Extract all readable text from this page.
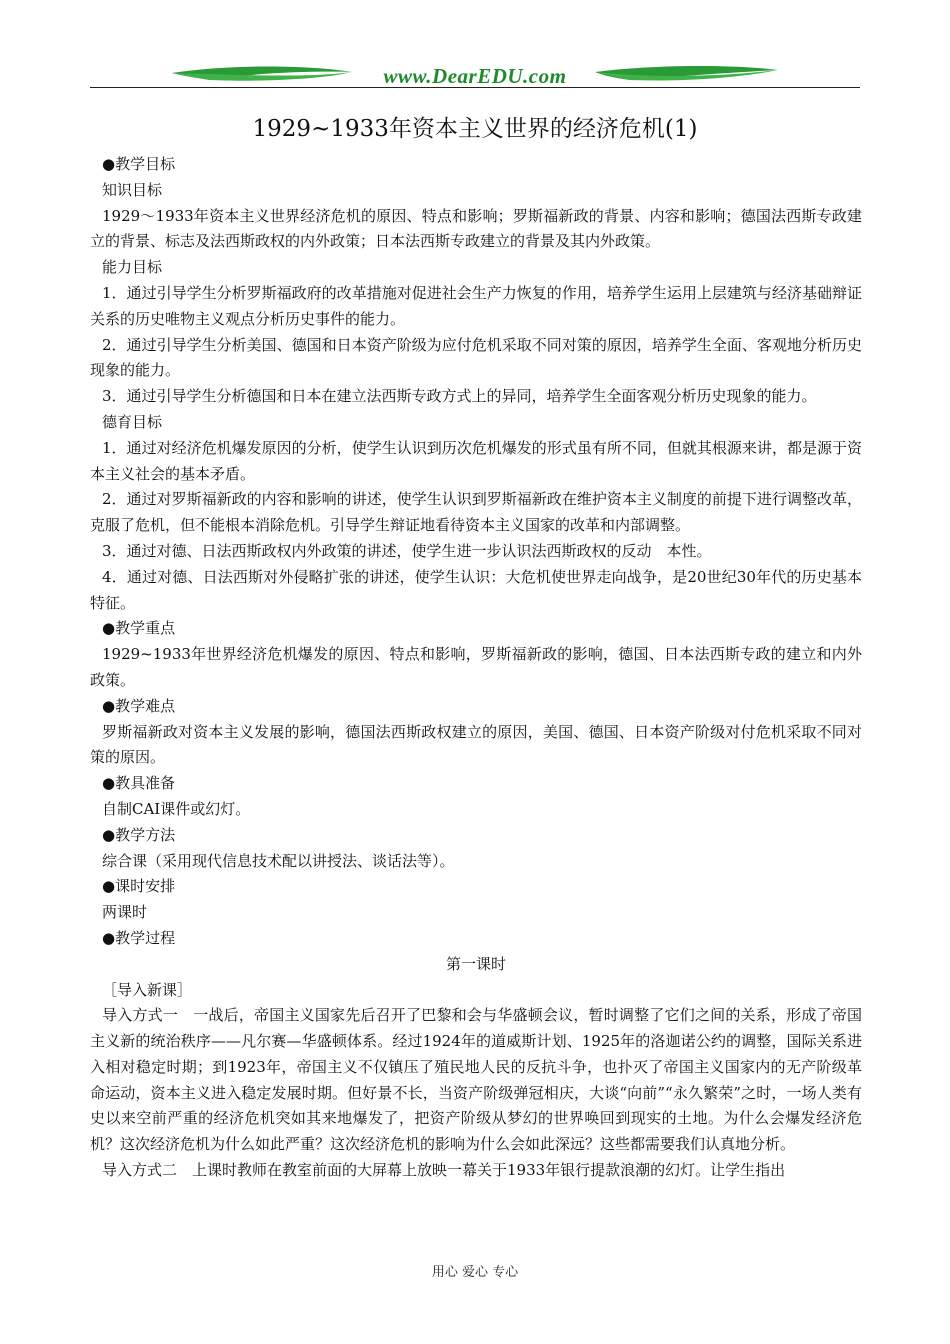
www.DearEDU.com
1929~1933年资本主义世界的经济危机(1)
●教学目标
知识目标
1929～1933年资本主义世界经济危机的原因、特点和影响；罗斯福新政的背景、内容和影响；德国法西斯专政建立的背景、标志及法西斯政权的内外政策；日本法西斯专政建立的背景及其内外政策。
能力目标
1．通过引导学生分析罗斯福政府的改革措施对促进社会生产力恢复的作用，培养学生运用上层建筑与经济基础辩证关系的历史唯物主义观点分析历史事件的能力。
2．通过引导学生分析美国、德国和日本资产阶级为应付危机采取不同对策的原因，培养学生全面、客观地分析历史现象的能力。
3．通过引导学生分析德国和日本在建立法西斯专政方式上的异同，培养学生全面客观分析历史现象的能力。
德育目标
1．通过对经济危机爆发原因的分析，使学生认识到历次危机爆发的形式虽有所不同，但就其根源来讲，都是源于资本主义社会的基本矛盾。
2．通过对罗斯福新政的内容和影响的讲述，使学生认识到罗斯福新政在维护资本主义制度的前提下进行调整改革，克服了危机，但不能根本消除危机。引导学生辩证地看待资本主义国家的改革和内部调整。
3．通过对德、日法西斯政权内外政策的讲述，使学生进一步认识法西斯政权的反动　本性。
4．通过对德、日法西斯对外侵略扩张的讲述，使学生认识：大危机使世界走向战争，是20世纪30年代的历史基本特征。
●教学重点
1929~1933年世界经济危机爆发的原因、特点和影响，罗斯福新政的影响，德国、日本法西斯专政的建立和内外政策。
●教学难点
罗斯福新政对资本主义发展的影响，德国法西斯政权建立的原因，美国、德国、日本资产阶级对付危机采取不同对策的原因。
●教具准备
自制CAI课件或幻灯。
●教学方法
综合课（采用现代信息技术配以讲授法、谈话法等）。
●课时安排
两课时
●教学过程
第一课时
［导入新课］
导入方式一　一战后，帝国主义国家先后召开了巴黎和会与华盛顿会议，暂时调整了它们之间的关系，形成了帝国主义新的统治秩序——凡尔赛—华盛顿体系。经过1924年的道威斯计划、1925年的洛迦诺公约的调整，国际关系进入相对稳定时期；到1923年，帝国主义不仅镇压了殖民地人民的反抗斗争，也扑灭了帝国主义国家内的无产阶级革命运动，资本主义进入稳定发展时期。但好景不长，当资产阶级弹冠相庆，大谈“向前”“永久繁荣”之时，一场人类有史以来空前严重的经济危机突如其来地爆发了，把资产阶级从梦幻的世界唤回到现实的土地。为什么会爆发经济危机？这次经济危机为什么如此严重？这次经济危机的影响为什么会如此深远？这些都需要我们认真地分析。
导入方式二　上课时教师在教室前面的大屏幕上放映一幕关于1933年银行提款浪潮的幻灯。让学生指出
用心 爱心 专心
